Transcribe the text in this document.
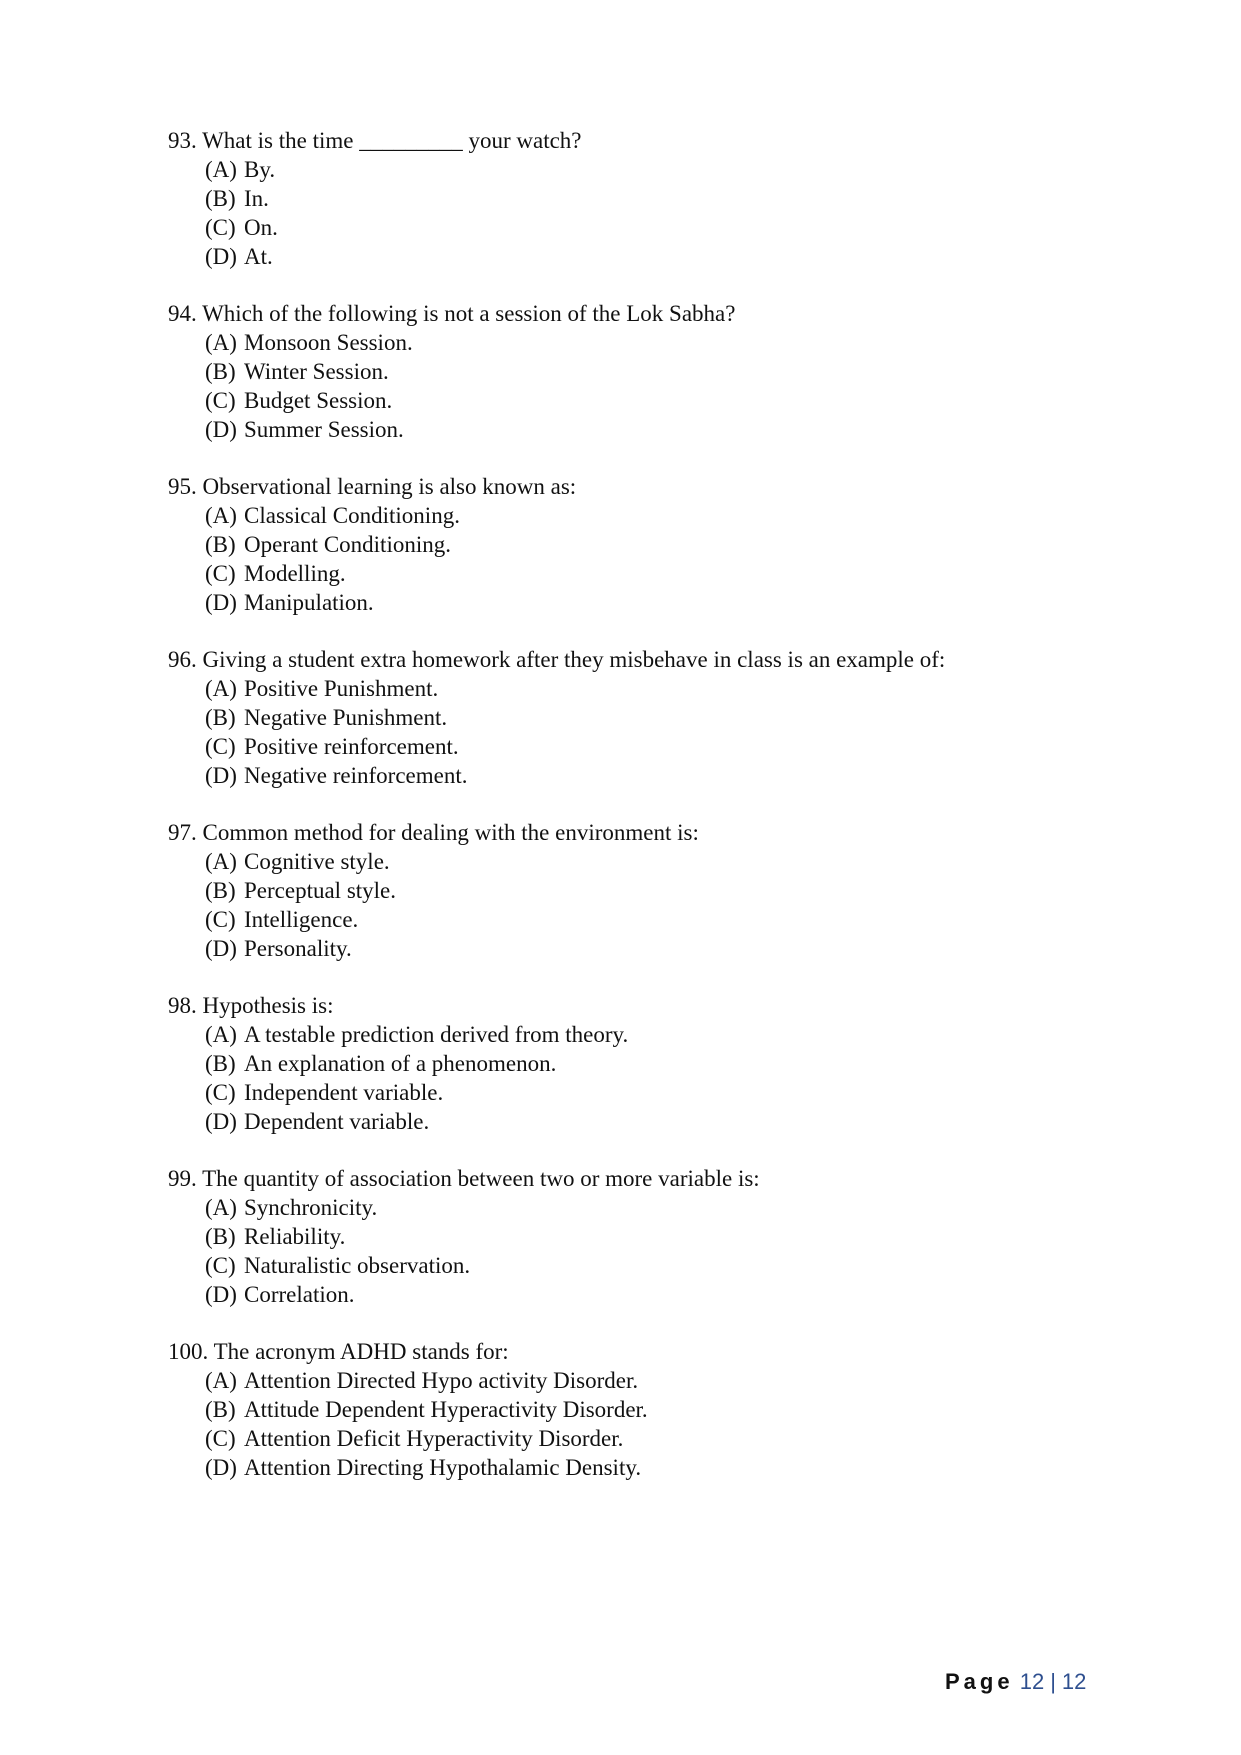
93. What is the time _________ your watch?
(A) By.
(B) In.
(C) On.
(D) At.
94. Which of the following is not a session of the Lok Sabha?
(A) Monsoon Session.
(B) Winter Session.
(C) Budget Session.
(D) Summer Session.
95. Observational learning is also known as:
(A) Classical Conditioning.
(B) Operant Conditioning.
(C) Modelling.
(D) Manipulation.
96. Giving a student extra homework after they misbehave in class is an example of:
(A) Positive Punishment.
(B) Negative Punishment.
(C) Positive reinforcement.
(D) Negative reinforcement.
97. Common method for dealing with the environment is:
(A) Cognitive style.
(B) Perceptual style.
(C) Intelligence.
(D) Personality.
98. Hypothesis is:
(A) A testable prediction derived from theory.
(B) An explanation of a phenomenon.
(C) Independent variable.
(D) Dependent variable.
99. The quantity of association between two or more variable is:
(A) Synchronicity.
(B) Reliability.
(C) Naturalistic observation.
(D) Correlation.
100. The acronym ADHD stands for:
(A) Attention Directed Hypo activity Disorder.
(B) Attitude Dependent Hyperactivity Disorder.
(C) Attention Deficit Hyperactivity Disorder.
(D) Attention Directing Hypothalamic Density.
Page 12 | 12
